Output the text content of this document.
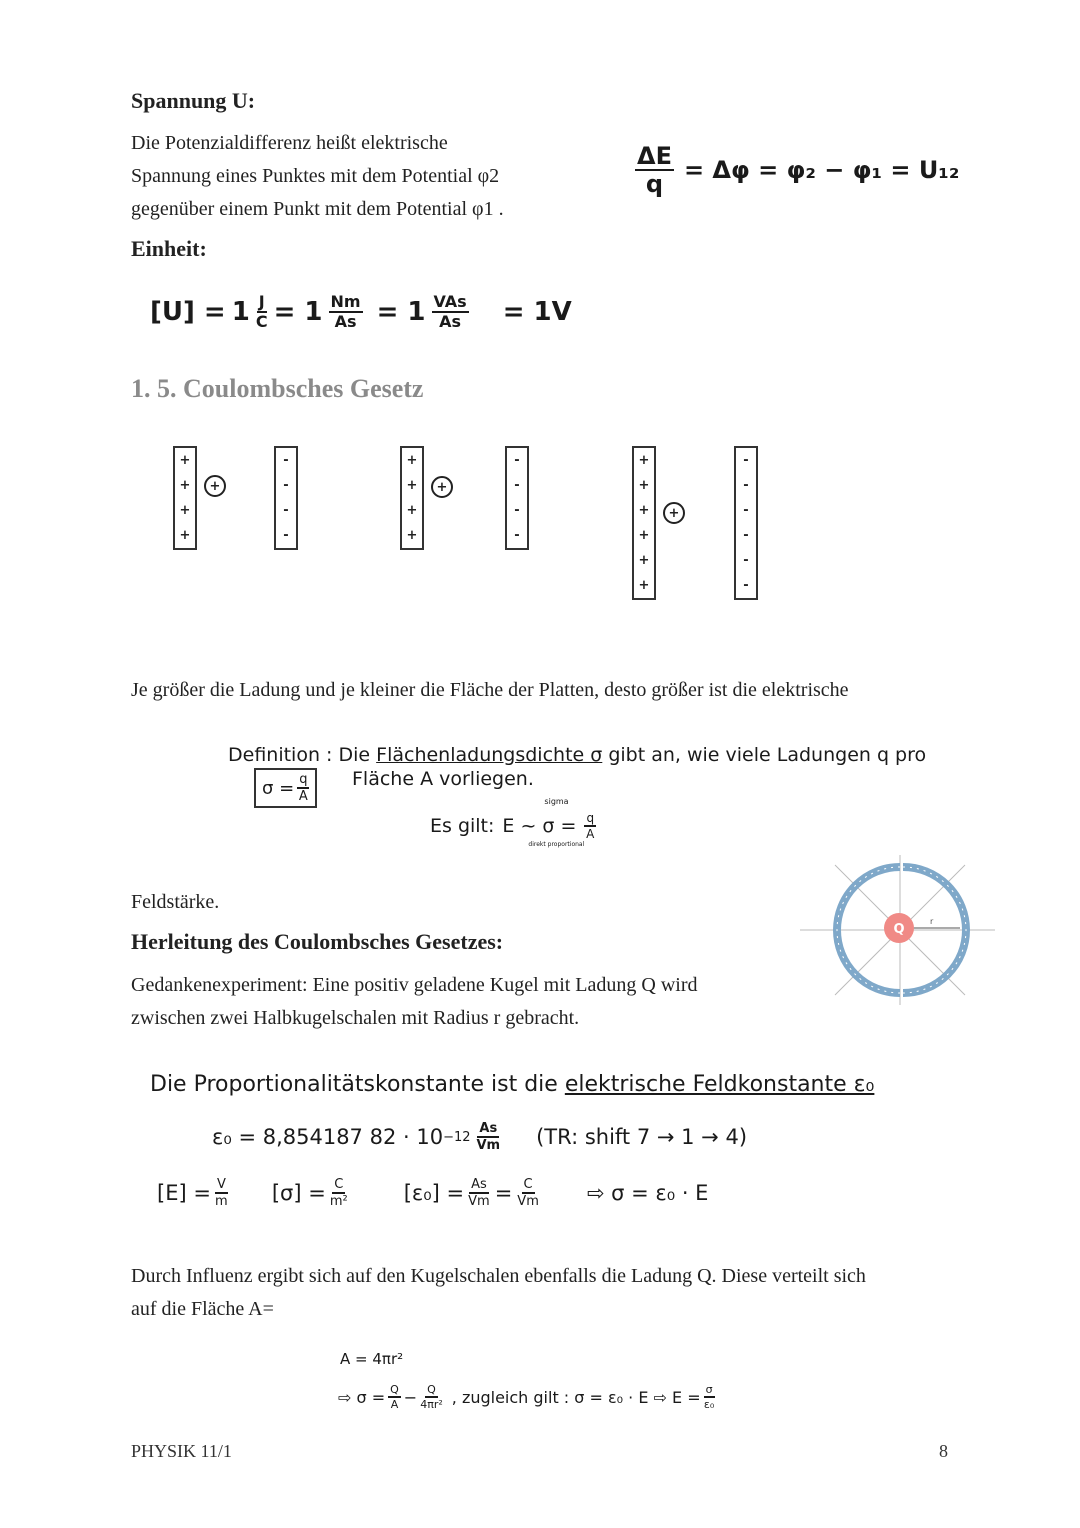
Spannung U:
Die Potenzialdifferenz heißt elektrische
Spannung eines Punktes mit dem Potential φ2
gegenüber einem Punkt mit dem Potential φ1 .
$\frac{\Delta E}{q} = \Delta\varphi = \varphi_2 - \varphi_1 = U_{12}$
Einheit:
$[U] = 1 \frac{J}{C} = 1 \frac{Nm}{As} = 1 \frac{\text{VAs}}{As} = 1V$
1. 5. Coulombsches Gesetz
+
+
+
+
+
-
-
-
-
+
+
+
+
+
-
-
-
-
+
+
+
+
+
+
+
-
-
-
-
-
-
Je größer die Ladung und je kleiner die Fläche der Platten, desto größer ist die elektrische
Definition : Die Flächenladungsdichte σ gibt an, wie viele Ladungen q pro
Fläche A vorliegen.
$\sigma = \frac{q}{A}$
Es gilt: E ~ σ =
sigma
direkt proportional
$\frac{q}{A}$
Feldstärke.
Q
r
Herleitung des Coulombsches Gesetzes:
Gedankenexperiment: Eine positiv geladene Kugel mit Ladung Q wird
zwischen zwei Halbkugelschalen mit Radius r gebracht.
Die Proportionalitätskonstante ist die elektrische Feldkonstante ε₀
ε₀ = 8,854187 $82 \cdot 10 -12 \frac{As}{Vm} (TR$: shift 7 → 1 → 4)
$[E] = \frac{V}{m} [\sigma] = \frac{C}{\text{m²}}$	$[\varepsilon_0] = \frac{As}{Vm} = \frac{C}{Vm}$ ⇨ σ = ε₀ · E
Durch Influenz ergibt sich auf den Kugelschalen ebenfalls die Ladung Q. Diese verteilt sich
auf die Fläche A=
A = 4πr²
⇨ $\sigma = \frac{Q}{A} - \frac{Q}{\text{4πr²}}$ , zugleich gilt : σ = ε₀ · E ⇨ $E = \frac{\sigma}{\text{ε₀}}$
PHYSIK 11/1	8
